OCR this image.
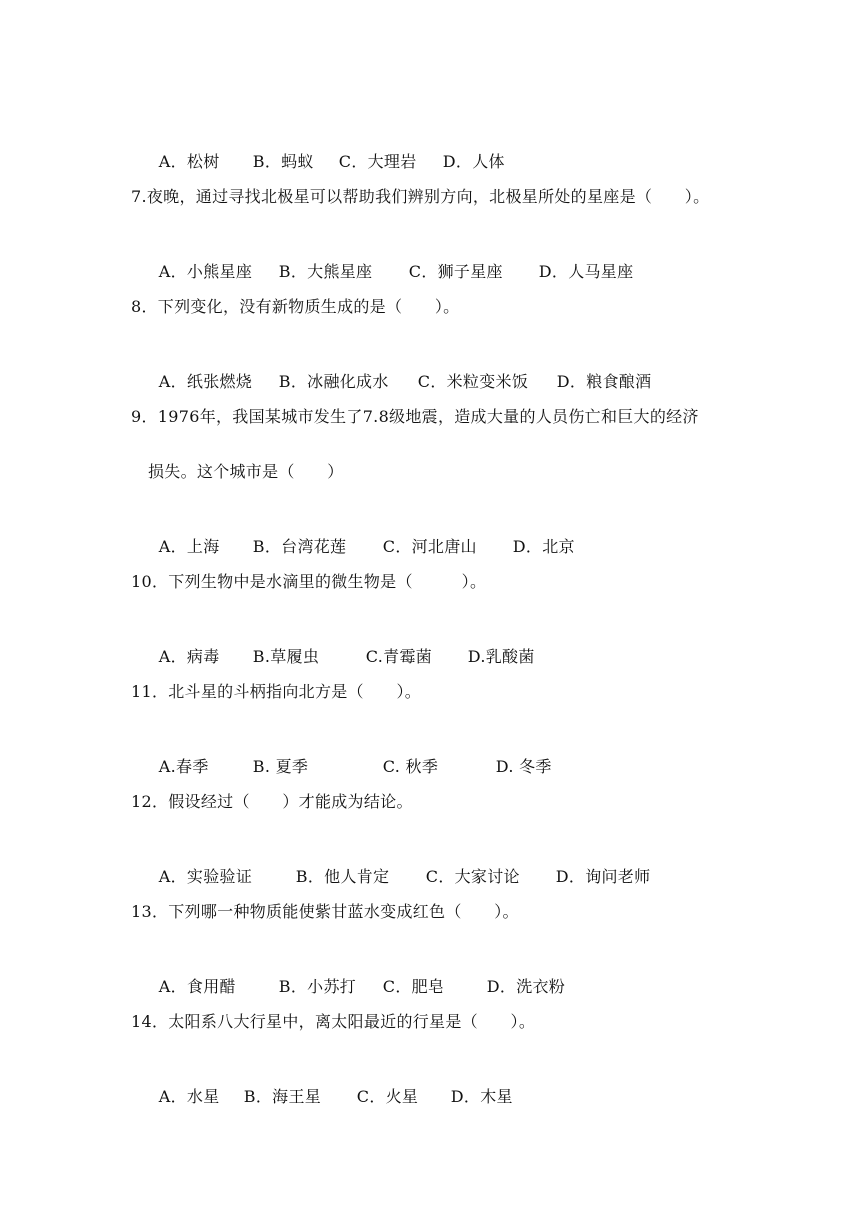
A．松树 B．蚂蚁 C．大理岩 D．人体

7.夜晚，通过寻找北极星可以帮助我们辨别方向，北极星所处的星座是（　　）。

A．小熊星座 B．大熊星座 C．狮子星座 D．人马星座

8．下列变化，没有新物质生成的是（　　）。

A．纸张燃烧 B．冰融化成水 C．米粒变米饭 D．粮食酿酒

9．1976年，我国某城市发生了7.8级地震，造成大量的人员伤亡和巨大的经济
损失。这个城市是（　　）

A．上海 B．台湾花莲 C．河北唐山 D．北京

10．下列生物中是水滴里的微生物是（　　　）。

A．病毒 B.草履虫	C.青霉菌 D.乳酸菌

11．北斗星的斗柄指向北方是（　　）。

A.春季	B. 夏季	C. 秋季	D. 冬季

12．假设经过（　　）才能成为结论。

A．实验验证	B．他人肯定 C．大家讨论 D．询问老师

13．下列哪一种物质能使紫甘蓝水变成红色（　　）。

A．食用醋	B．小苏打 C．肥皂	D．洗衣粉

14．太阳系八大行星中，离太阳最近的行星是（　　）。

A．水星 B．海王星 C．火星 D．木星
